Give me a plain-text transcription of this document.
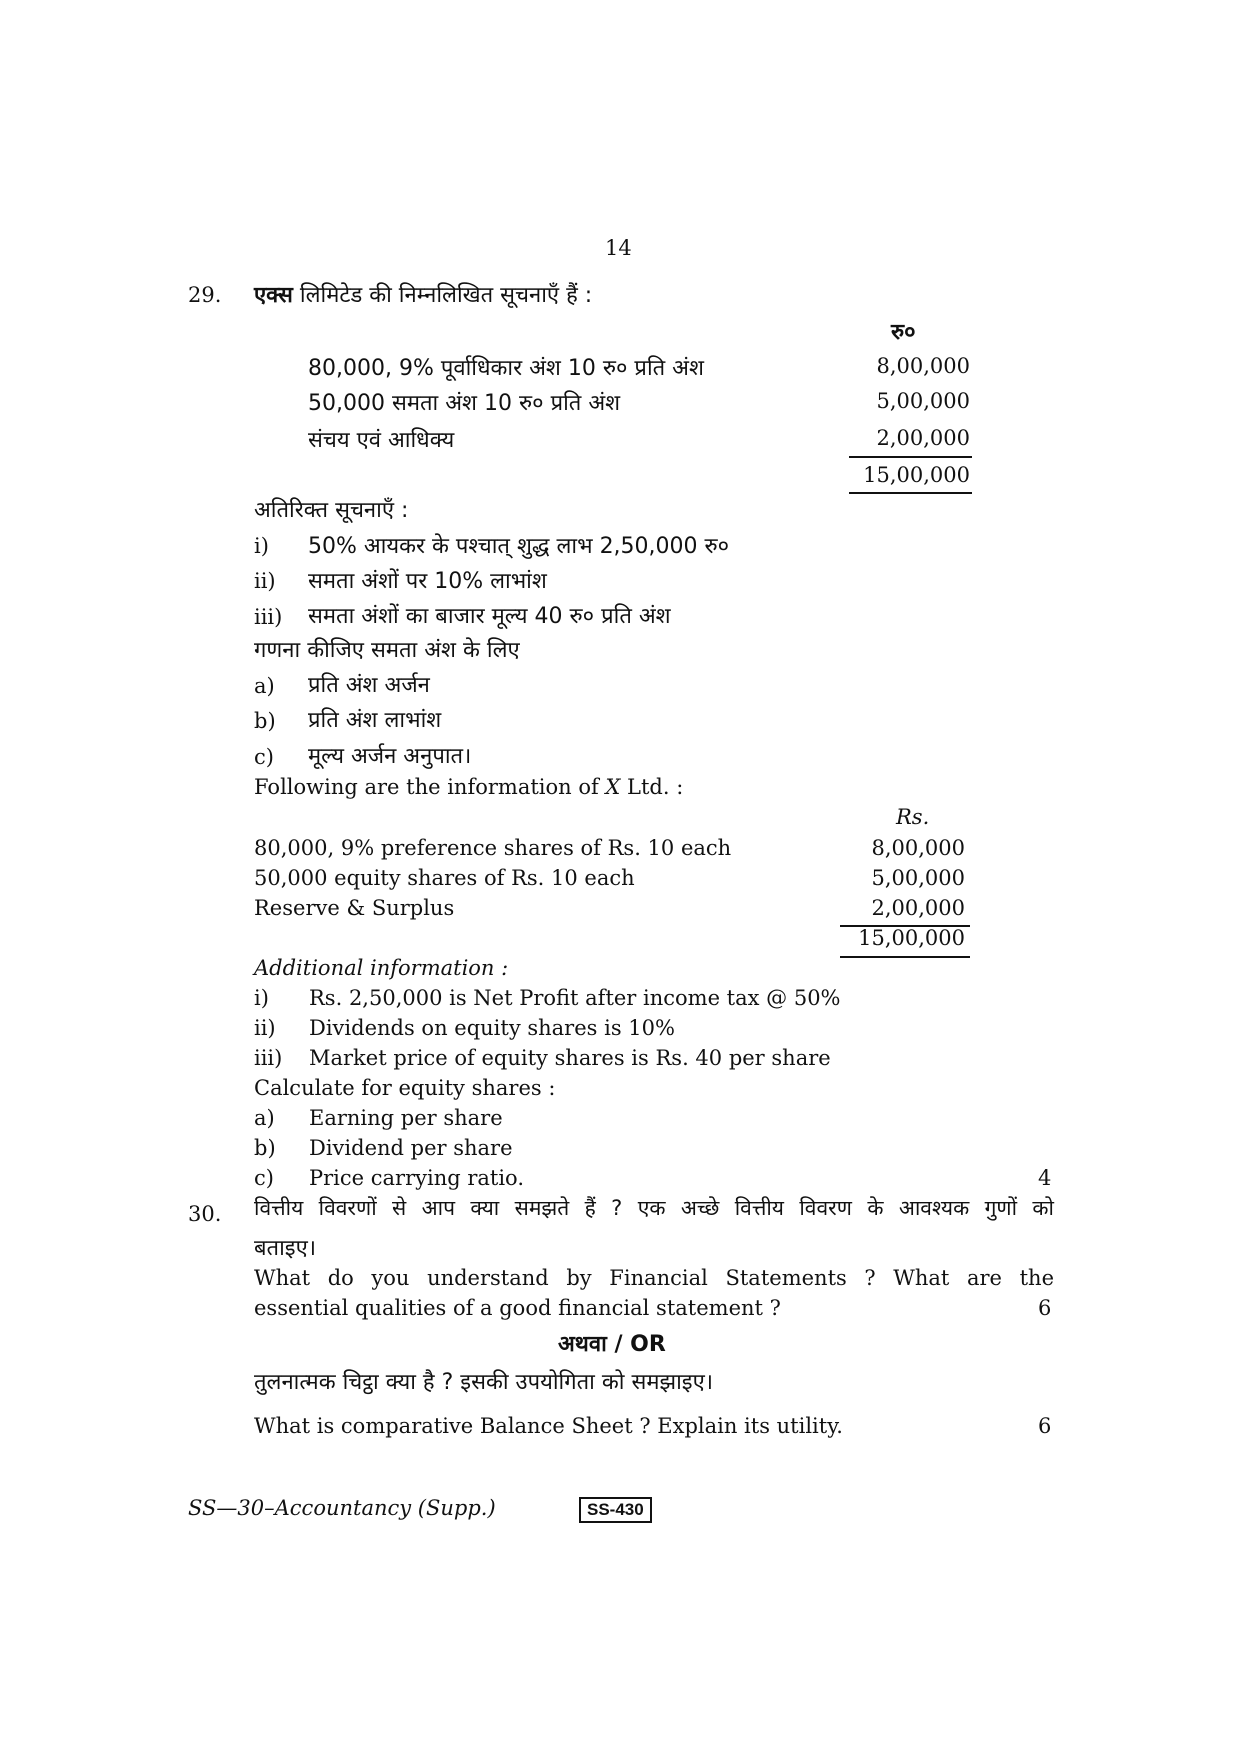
14
29. एक्स लिमिटेड की निम्नलिखित सूचनाएँ हैं :
रु०
80,000, 9% पूर्वाधिकार अंश 10 रु० प्रति अंश	8,00,000
50,000 समता अंश 10 रु० प्रति अंश	5,00,000
संचय एवं आधिक्य	2,00,000
15,00,000
अतिरिक्त सूचनाएँ :
i) 50% आयकर के पश्चात् शुद्ध लाभ 2,50,000 रु०
ii) समता अंशों पर 10% लाभांश
iii) समता अंशों का बाजार मूल्य 40 रु० प्रति अंश
गणना कीजिए समता अंश के लिए
a) प्रति अंश अर्जन
b) प्रति अंश लाभांश
c) मूल्य अर्जन अनुपात।
Following are the information of X Ltd. :
Rs.
80,000, 9% preference shares of Rs. 10 each	8,00,000
50,000 equity shares of Rs. 10 each	5,00,000
Reserve & Surplus	2,00,000
15,00,000
Additional information :
i) Rs. 2,50,000 is Net Profit after income tax @ 50%
ii) Dividends on equity shares is 10%
iii) Market price of equity shares is Rs. 40 per share
Calculate for equity shares :
a) Earning per share
b) Dividend per share
c) Price carrying ratio.	4
30. वित्तीय विवरणों से आप क्या समझते हैं ? एक अच्छे वित्तीय विवरण के आवश्यक गुणों को
बताइए।
What do you understand by Financial Statements ? What are the
essential qualities of a good financial statement ?	6
अथवा / OR
तुलनात्मक चिट्ठा क्या है ? इसकी उपयोगिता को समझाइए।
What is comparative Balance Sheet ? Explain its utility.	6
SS—30–Accountancy (Supp.)	SS-430
